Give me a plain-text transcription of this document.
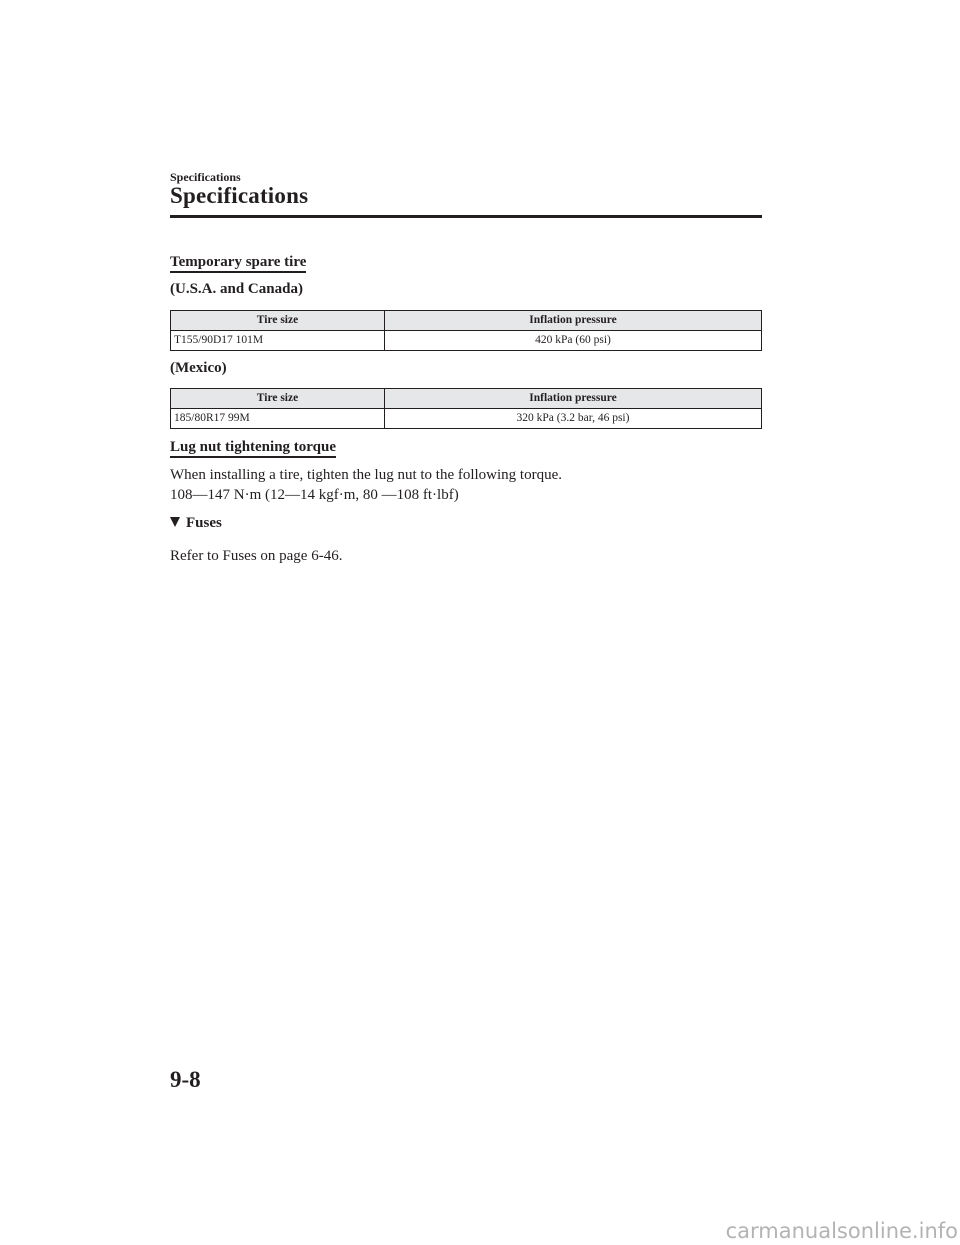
Specifications
Specifications
Temporary spare tire
(U.S.A. and Canada)
Tire size	Inflation pressure
T155/90D17 101M	420 kPa (60 psi)
(Mexico)
Tire size	Inflation pressure
185/80R17 99M	320 kPa (3.2 bar, 46 psi)
Lug nut tightening torque
When installing a tire, tighten the lug nut to the following torque.
108―147 N·m (12―14 kgf·m, 80 ―108 ft·lbf)
Fuses
Refer to Fuses on page 6-46.
9-8
carmanualsonline.info
